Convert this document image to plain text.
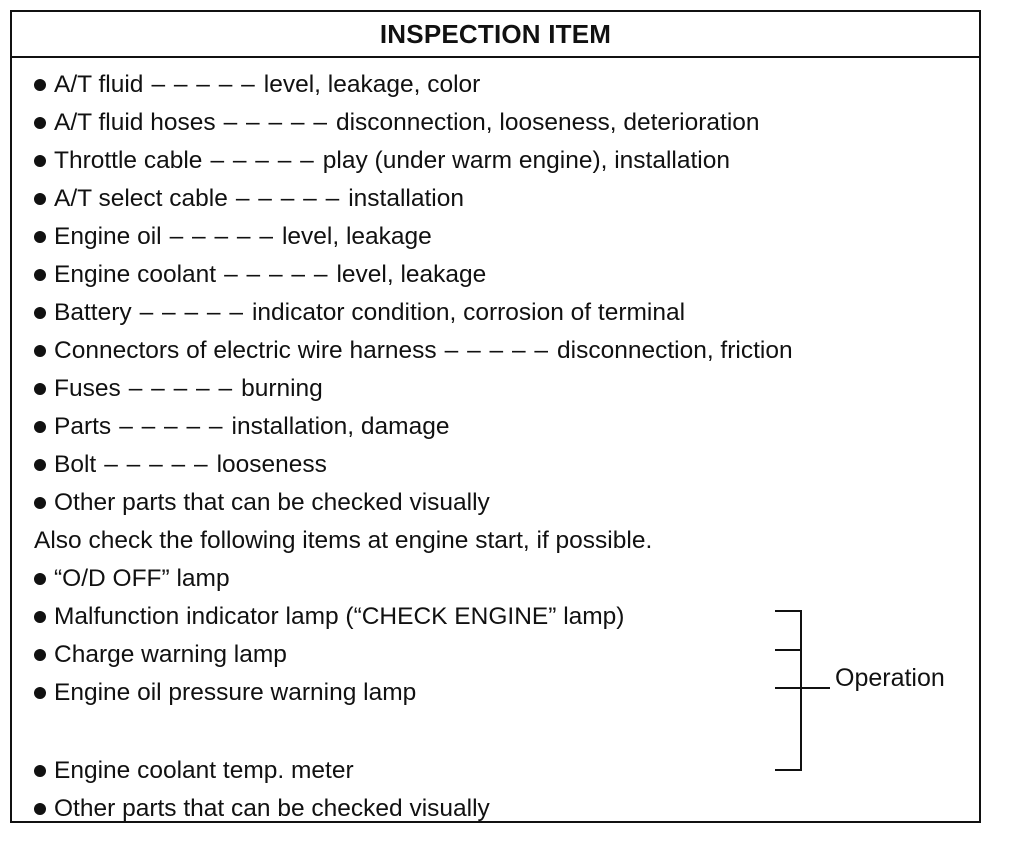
INSPECTION ITEM
A/T fluid – – – – – level, leakage, color
A/T fluid hoses – – – – – disconnection, looseness, deterioration
Throttle cable – – – – – play (under warm engine), installation
A/T select cable – – – – – installation
Engine oil – – – – – level, leakage
Engine coolant – – – – – level, leakage
Battery – – – – – indicator condition, corrosion of terminal
Connectors of electric wire harness – – – – – disconnection, friction
Fuses – – – – – burning
Parts – – – – – installation, damage
Bolt – – – – – looseness
Other parts that can be checked visually
Also check the following items at engine start, if possible.
“O/D OFF” lamp
Malfunction indicator lamp (“CHECK ENGINE” lamp)
Charge warning lamp
Engine oil pressure warning lamp
Engine coolant temp. meter
Other parts that can be checked visually
Operation
